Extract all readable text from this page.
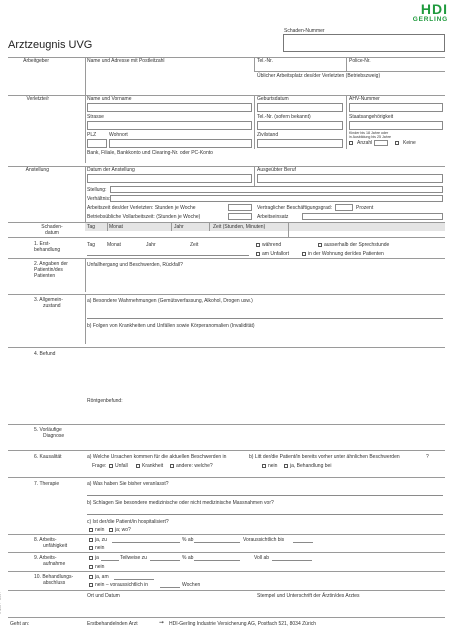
Arztzeugnis UVG
HDI
GERLING
Schaden-Nummer
Arbeitgeber	Name und Adresse mit Postleitzahl	Tel.-Nr.	Police-Nr.
Üblicher Arbeitsplatz des/der Verletzten (Betriebszweig)
Verletzte/r	Name und Vorname	Geburtsdatum	AHV-Nummer
Strasse	Tel.-Nr. (sofern bekannt)	Staatsangehörigkeit
PLZ	Wohnort	Zivilstand	Kinder bis 18 Jahre oder
in Ausbildung bis 25 Jahre
Anzahl	Keine
Bank, Filiale, Bankkonto und Clearing-Nr. oder PC-Konto
Anstellung	Datum der Anstellung	Ausgeübter Beruf
Stellung:
Verhältnis:
Arbeitszeit des/der Verletzten: Stunden je Woche	Vertraglicher Beschäftigungsgrad:	Prozent
Betriebsübliche Vollarbeitszeit: (Stunden je Woche)	Arbeitseinsatz
Schaden-
datum
Tag	Monat	Jahr	Zeit (Stunden, Minuten)
1. Erst-
behandlung
Tag Monat	Jahr	Zeit	während	ausserhalb der Sprechstunde
am Unfallort	in der Wohnung der/des Patienten
2. Angaben der
Patientin/des
Patienten
Unfallhergang und Beschwerden, Rückfall?
3. Allgemein-
zustand
a) Besondere Wahrnehmungen (Gemütsverfassung, Alkohol, Drogen usw.)
b) Folgen von Krankheiten und Unfällen sowie Körperanomalien (Invalidität)
4. Befund
Röntgenbefund:
5. Vorläufige
Diagnose
6. Kausalität	a) Welche Ursachen kommen für die aktuellen Beschwerden in
Frage: Unfall	Krankheit	andere: welche?
b) Litt der/die Patient/in bereits vorher unter ähnlichen Beschwerden	?
nein	ja, Behandlung bei
7. Therapie	a) Was haben Sie bisher veranlasst?
b) Schlagen Sie besondere medizinische oder nicht medizinische Massnahmen vor?
c) Ist der/die Patient/in hospitalisiert?
nein ja; wo?
8. Arbeits-
unfähigkeit
ja, zu	% ab	Voraussichtlich bis
nein
9. Arbeits-
aufnahme
ja	Teilweise zu	% ab	Voll ab
nein
10. Behandlungs-
abschluss
ja, am
nein – voraussichtlich in	Wochen
Ort und Datum	Stempel und Unterschrift der Ärztin/des Arztes
Geht an:	Erstbehandelnden Arzt	➞ HDI-Gerling Industrie Versicherung AG, Postfach 521, 8034 Zürich
